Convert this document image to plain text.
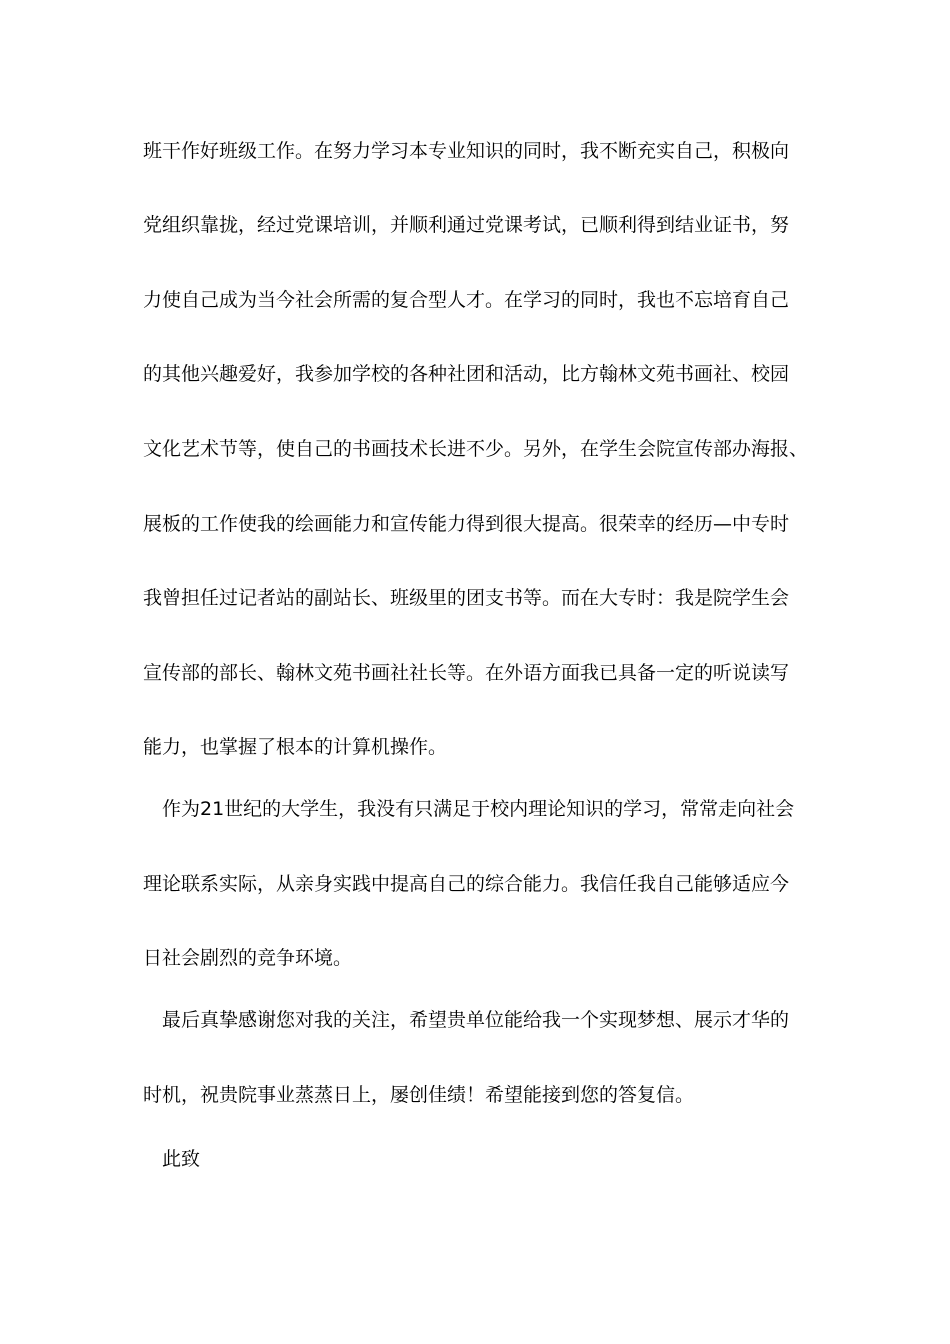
班干作好班级工作。在努力学习本专业知识的同时，我不断充实自己，积极向
党组织靠拢，经过党课培训，并顺利通过党课考试，已顺利得到结业证书，努
力使自己成为当今社会所需的复合型人才。在学习的同时，我也不忘培育自己
的其他兴趣爱好，我参加学校的各种社团和活动，比方翰林文苑书画社、校园
文化艺术节等，使自己的书画技术长进不少。另外，在学生会院宣传部办海报、
展板的工作使我的绘画能力和宣传能力得到很大提高。很荣幸的经历—中专时
我曾担任过记者站的副站长、班级里的团支书等。而在大专时：我是院学生会
宣传部的部长、翰林文苑书画社社长等。在外语方面我已具备一定的听说读写
能力，也掌握了根本的计算机操作。
作为21世纪的大学生，我没有只满足于校内理论知识的学习，常常走向社会
理论联系实际，从亲身实践中提高自己的综合能力。我信任我自己能够适应今
日社会剧烈的竞争环境。
最后真挚感谢您对我的关注，希望贵单位能给我一个实现梦想、展示才华的
时机，祝贵院事业蒸蒸日上，屡创佳绩！希望能接到您的答复信。
此致
